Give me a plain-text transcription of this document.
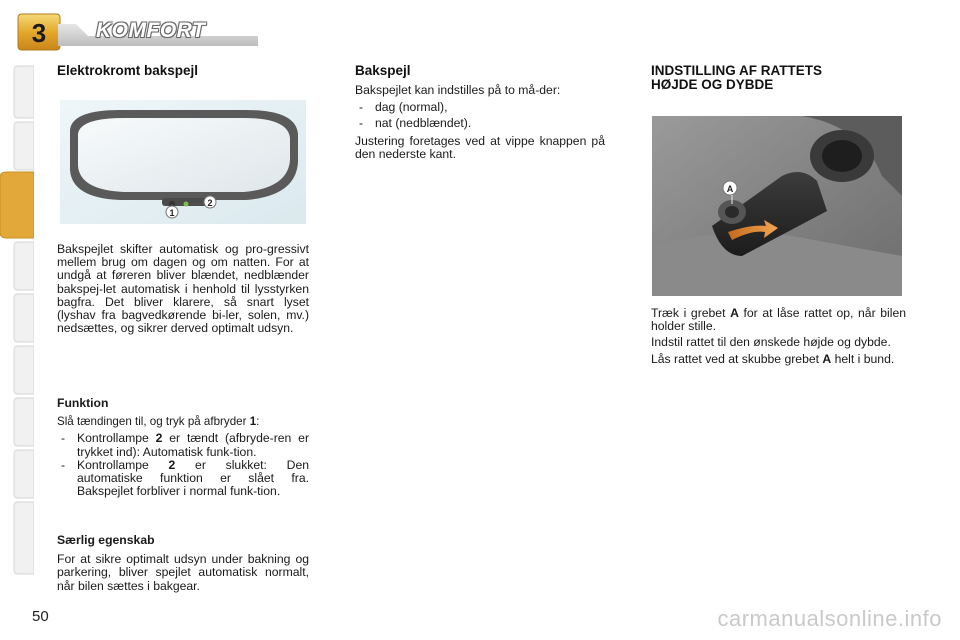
3 KOMFORT
Elektrokromt bakspejl
1
2

Bakspejlet skifter automatisk og pro-gressivt mellem brug om dagen og om natten. For at undgå at føreren bliver blændet, nedblænder bakspej-let automatisk i henhold til lysstyrken bagfra. Det bliver klarere, så snart lyset (lyshav fra bagvedkørende bi-ler, solen, mv.) nedsættes, og sikrer derved optimalt udsyn.

Funktion

Slå tændingen til, og tryk på afbryder 1:

- Kontrollampe 2 er tændt (afbryde-ren er trykket ind): Automatisk funk-tion.
- Kontrollampe 2 er slukket: Den automatiske funktion er slået fra. Bakspejlet forbliver i normal funk-tion.

Særlig egenskab

For at sikre optimalt udsyn under bakning og parkering, bliver spejlet automatisk normalt, når bilen sættes i bakgear.

Bakspejl

Bakspejlet kan indstilles på to må-der:

- dag (normal),
- nat (nedblændet).

Justering foretages ved at vippe knappen på den nederste kant.

INDSTILLING AF RATTETS
HØJDE OG DYBDE
A

Træk i grebet A for at låse rattet op, når bilen holder stille.

Indstil rattet til den ønskede højde og dybde.

Lås rattet ved at skubbe grebet A helt i bund.

50	carmanualsonline.info
